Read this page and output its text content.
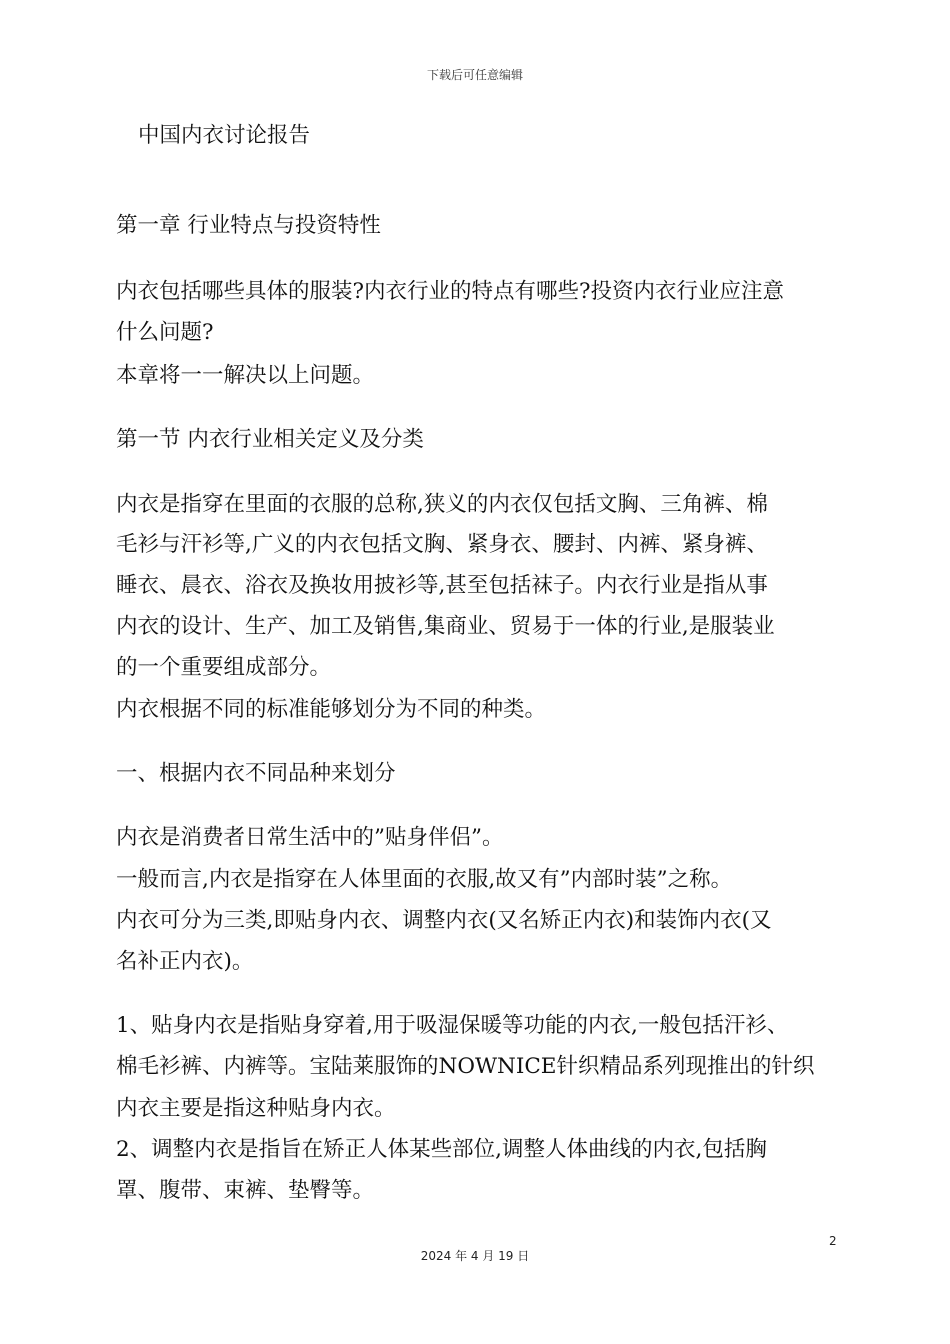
下载后可任意编辑
中国内衣讨论报告
第一章 行业特点与投资特性
内衣包括哪些具体的服装?内衣行业的特点有哪些?投资内衣行业应注意
什么问题?
本章将一一解决以上问题。
第一节 内衣行业相关定义及分类
内衣是指穿在里面的衣服的总称,狭义的内衣仅包括文胸、三角裤、棉
毛衫与汗衫等,广义的内衣包括文胸、紧身衣、腰封、内裤、紧身裤、
睡衣、晨衣、浴衣及换妆用披衫等,甚至包括袜子。内衣行业是指从事
内衣的设计、生产、加工及销售,集商业、贸易于一体的行业,是服装业
的一个重要组成部分。
内衣根据不同的标准能够划分为不同的种类。
一、根据内衣不同品种来划分
内衣是消费者日常生活中的”贴身伴侣”。
一般而言,内衣是指穿在人体里面的衣服,故又有”内部时装”之称。
内衣可分为三类,即贴身内衣、调整内衣(又名矫正内衣)和装饰内衣(又
名补正内衣)。
1、贴身内衣是指贴身穿着,用于吸湿保暖等功能的内衣,一般包括汗衫、
棉毛衫裤、内裤等。宝陆莱服饰的NOWNICE针织精品系列现推出的针织
内衣主要是指这种贴身内衣。
2、调整内衣是指旨在矫正人体某些部位,调整人体曲线的内衣,包括胸
罩、腹带、束裤、垫臀等。
2
2024 年 4 月 19 日
